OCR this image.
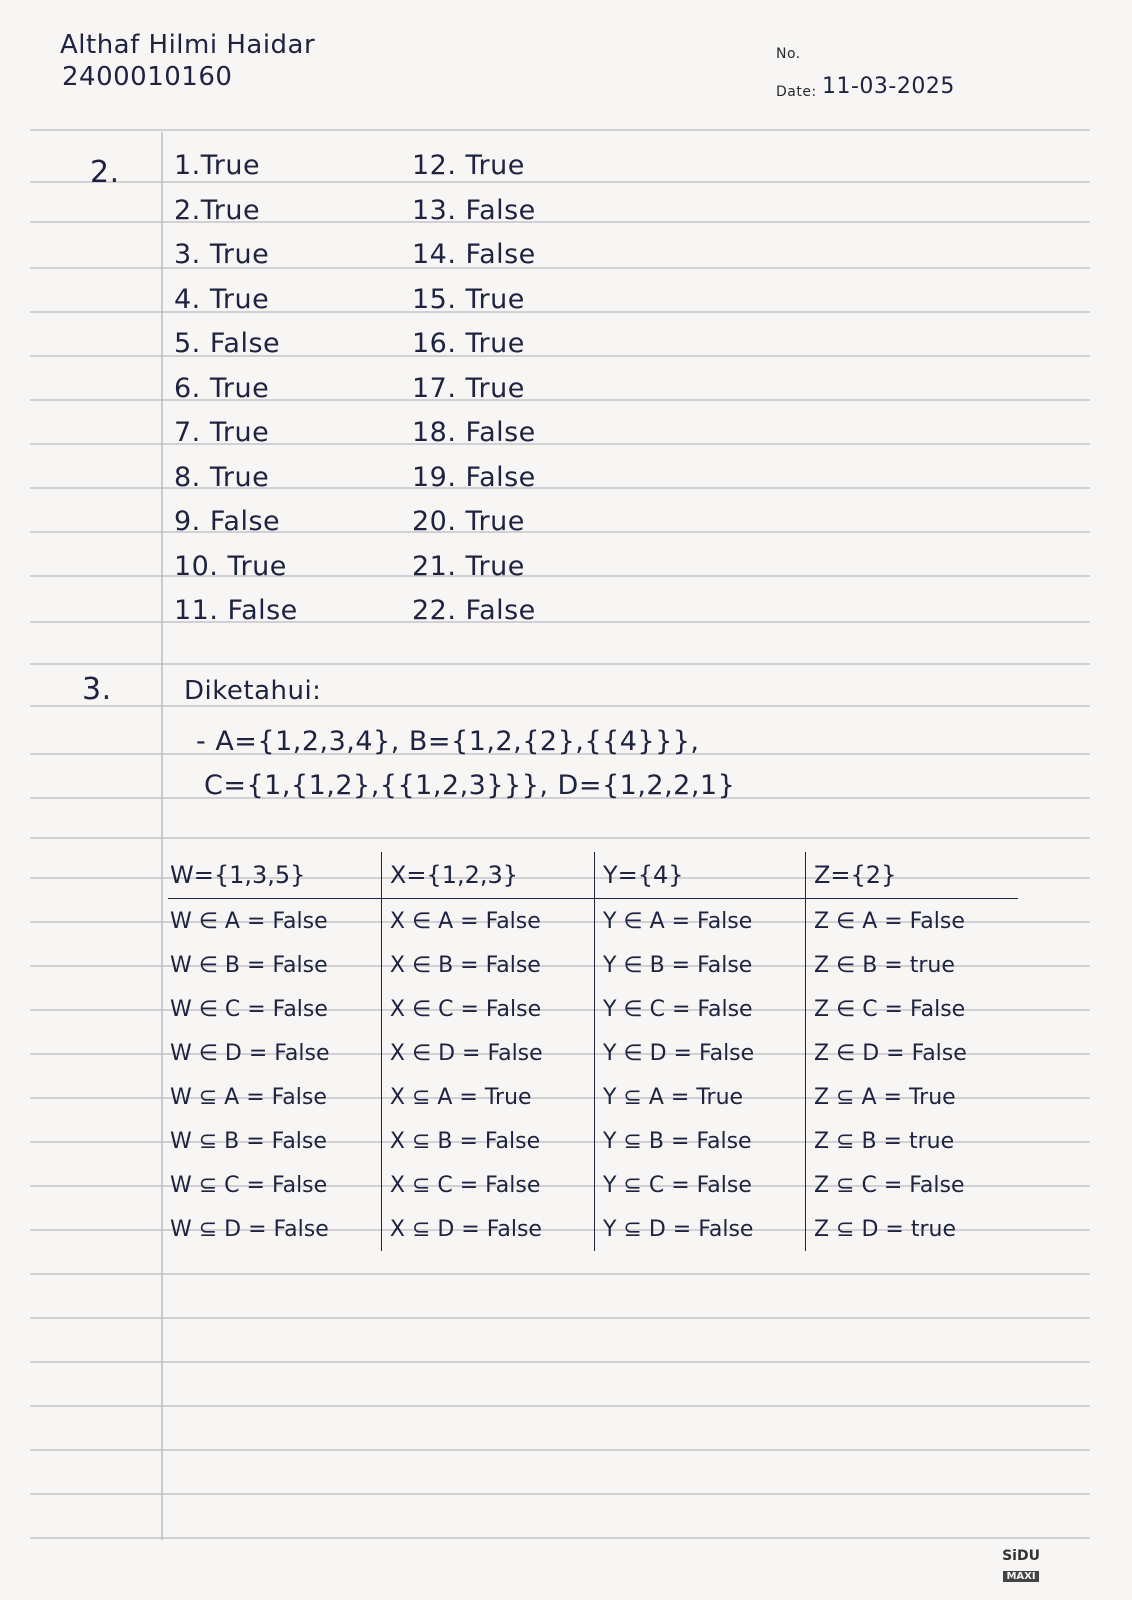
Althaf Hilmi Haidar
2400010160
No.
Date: 11-03-2025
2. 1.True
2.True
3. True
4. True
5. False
6. True
7. True
8. True
9. False
10. True
11. False
12. True
13. False
14. False
15. True
16. True
17. True
18. False
19. False
20. True
21. True
22. False
3.	Diketahui:
- A={1,2,3,4}, B={1,2,{2},{{4}}},
C={1,{1,2},{{1,2,3}}}, D={1,2,2,1}
W={1,3,5}	X={1,2,3}	Y={4}	Z={2}
W ∈ A = False	X ∈ A = False	Y ∈ A = False	Z ∈ A = False
W ∈ B = False	X ∈ B = False	Y ∈ B = False	Z ∈ B = true
W ∈ C = False	X ∈ C = False	Y ∈ C = False	Z ∈ C = False
W ∈ D = False	X ∈ D = False	Y ∈ D = False	Z ∈ D = False
W ⊆ A = False	X ⊆ A = True	Y ⊆ A = True	Z ⊆ A = True
W ⊆ B = False	X ⊆ B = False	Y ⊆ B = False	Z ⊆ B = true
W ⊆ C = False	X ⊆ C = False	Y ⊆ C = False	Z ⊆ C = False
W ⊆ D = False	X ⊆ D = False	Y ⊆ D = False	Z ⊆ D = true
SiDU
MAXI
